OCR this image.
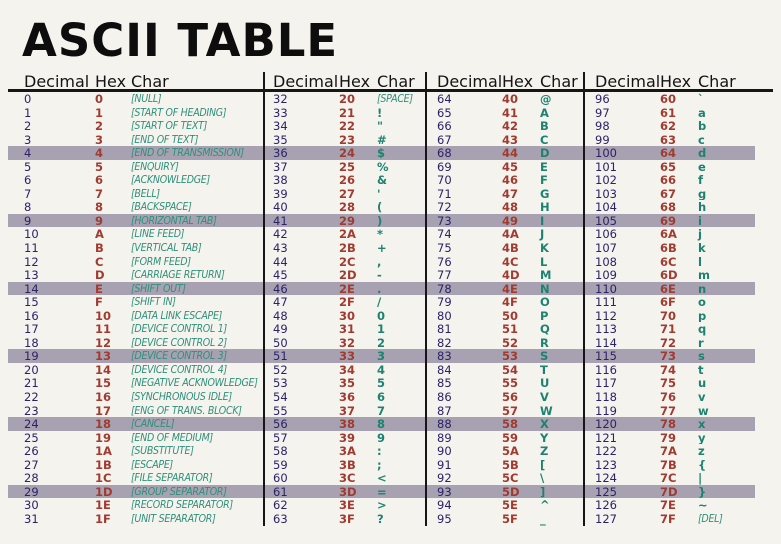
ASCII TABLE
Decimal Hex Char
0	0	[NULL]
1	1	[START OF HEADING]
2	2	[START OF TEXT]
3	3	[END OF TEXT]
4	4	[END OF TRANSMISSION]
5	5	[ENQUIRY]
6	6	[ACKNOWLEDGE]
7	7	[BELL]
8	8	[BACKSPACE]
9	9	[HORIZONTAL TAB]
10	A	[LINE FEED]
11	B	[VERTICAL TAB]
12	C	[FORM FEED]
13	D	[CARRIAGE RETURN]
14	E	[SHIFT OUT]
15	F	[SHIFT IN]
16	10	[DATA LINK ESCAPE]
17	11	[DEVICE CONTROL 1]
18	12	[DEVICE CONTROL 2]
19	13	[DEVICE CONTROL 3]
20	14	[DEVICE CONTROL 4]
21	15	[NEGATIVE ACKNOWLEDGE]
22	16	[SYNCHRONOUS IDLE]
23	17	[ENG OF TRANS. BLOCK]
24	18	[CANCEL]
25	19	[END OF MEDIUM]
26	1A	[SUBSTITUTE]
27	1B	[ESCAPE]
28	1C	[FILE SEPARATOR]
29	1D	[GROUP SEPARATOR]
30	1E	[RECORD SEPARATOR]
31	1F	[UNIT SEPARATOR]
Decimal Hex Char
32	20	[SPACE]
33	21	!
34	22	"
35	23	#
36	24	$
37	25	%
38	26	&
39	27	'
40	28	(
41	29	)
42	2A	*
43	2B	+
44	2C	,
45	2D	-
46	2E	.
47	2F	/
48	30	0
49	31	1
50	32	2
51	33	3
52	34	4
53	35	5
54	36	6
55	37	7
56	38	8
57	39	9
58	3A	:
59	3B	;
60	3C	<
61	3D	=
62	3E	>
63	3F	?
Decimal Hex Char
64	40	@
65	41	A
66	42	B
67	43	C
68	44	D
69	45	E
70	46	F
71	47	G
72	48	H
73	49	I
74	4A	J
75	4B	K
76	4C	L
77	4D	M
78	4E	N
79	4F	O
80	50	P
81	51	Q
82	52	R
83	53	S
84	54	T
85	55	U
86	56	V
87	57	W
88	58	X
89	59	Y
90	5A	Z
91	5B	[
92	5C	\
93	5D	]
94	5E	^
95	5F	_
Decimal Hex Char
96	60	`
97	61	a
98	62	b
99	63	c
100	64	d
101	65	e
102	66	f
103	67	g
104	68	h
105	69	i
106	6A	j
107	6B	k
108	6C	l
109	6D	m
110	6E	n
111	6F	o
112	70	p
113	71	q
114	72	r
115	73	s
116	74	t
117	75	u
118	76	v
119	77	w
120	78	x
121	79	y
122	7A	z
123	7B	{
124	7C	|
125	7D	}
126	7E	~
127	7F	[DEL]
